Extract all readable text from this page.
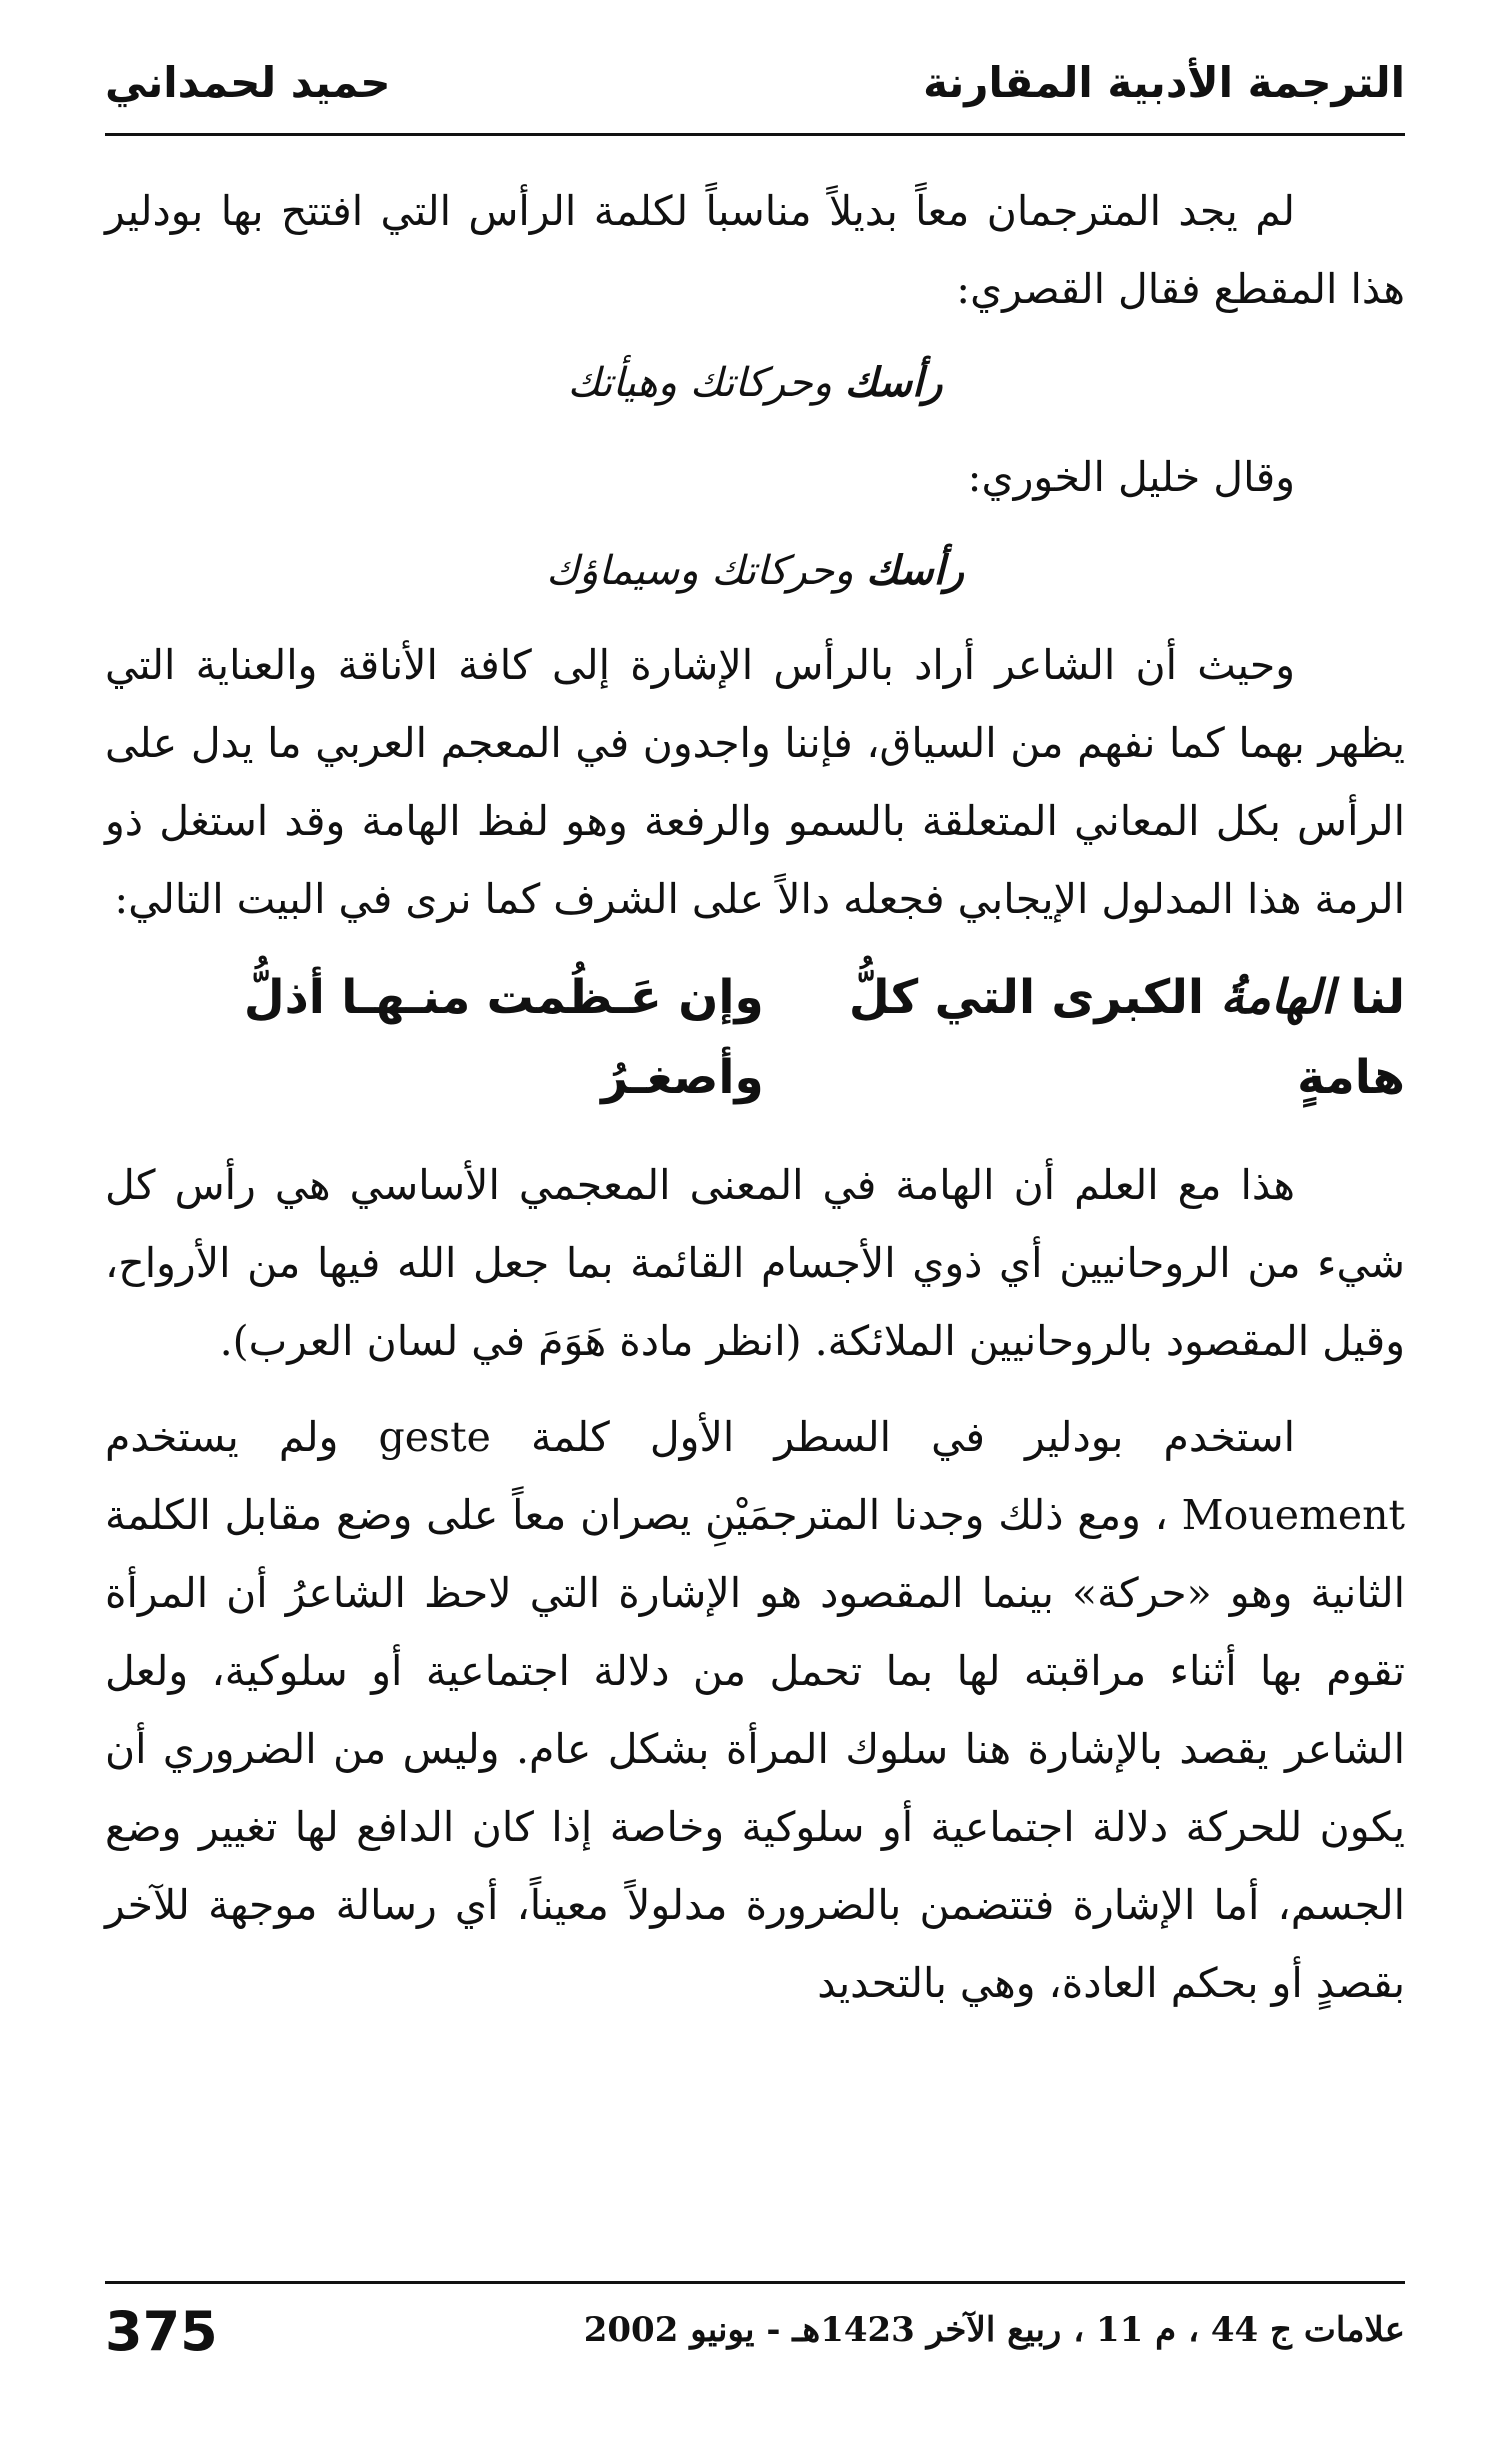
الترجمة الأدبية المقارنة
حميد لحمداني

لم يجد المترجمان معاً بديلاً مناسباً لكلمة الرأس التي افتتح بها بودلير هذا المقطع فقال القصري:

رأسك وحركاتك وهيأتك

وقال خليل الخوري:

رأسك وحركاتك وسيماؤك

وحيث أن الشاعر أراد بالرأس الإشارة إلى كافة الأناقة والعناية التي يظهر بهما كما نفهم من السياق، فإننا واجدون في المعجم العربي ما يدل على الرأس بكل المعاني المتعلقة بالسمو والرفعة وهو لفظ الهامة وقد استغل ذو الرمة هذا المدلول الإيجابي فجعله دالاً على الشرف كما نرى في البيت التالي:

لنا الهامةُ الكبرى التي كلُّ هامةٍ
وإن عَـظُمت منـهـا أذلُّ وأصغـرُ

هذا مع العلم أن الهامة في المعنى المعجمي الأساسي هي رأس كل شيء من الروحانيين أي ذوي الأجسام القائمة بما جعل الله فيها من الأرواح، وقيل المقصود بالروحانيين الملائكة. (انظر مادة هَوَمَ في لسان العرب).

استخدم بودلير في السطر الأول كلمة geste ولم يستخدم Mouement ، ومع ذلك وجدنا المترجمَيْنِ يصران معاً على وضع مقابل الكلمة الثانية وهو «حركة» بينما المقصود هو الإشارة التي لاحظ الشاعرُ أن المرأة تقوم بها أثناء مراقبته لها بما تحمل من دلالة اجتماعية أو سلوكية، ولعل الشاعر يقصد بالإشارة هنا سلوك المرأة بشكل عام. وليس من الضروري أن يكون للحركة دلالة اجتماعية أو سلوكية وخاصة إذا كان الدافع لها تغيير وضع الجسم، أما الإشارة فتتضمن بالضرورة مدلولاً معيناً، أي رسالة موجهة للآخر بقصدٍ أو بحكم العادة، وهي بالتحديد

375	علامات ج 44 ، م 11 ، ربيع الآخر 1423هـ - يونيو 2002
